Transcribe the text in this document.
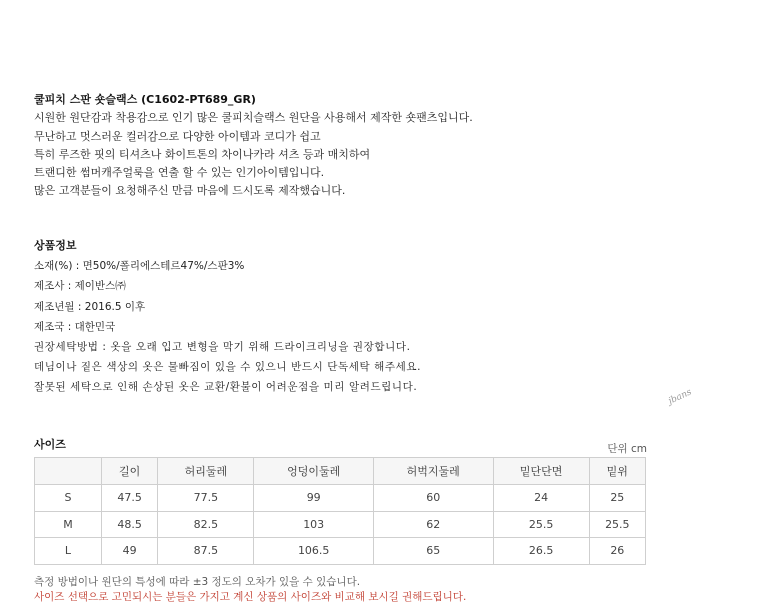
쿨피치 스판 숏슬랙스 (C1602-PT689_GR)
시원한 원단감과 착용감으로 인기 많은 쿨피치슬랙스 원단을 사용해서 제작한 숏팬츠입니다.
무난하고 멋스러운 컬러감으로 다양한 아이템과 코디가 쉽고
특히 루즈한 핏의 티셔츠나 화이트톤의 차이나카라 셔츠 등과 매치하여
트랜디한 썸머캐주얼룩을 연출 할 수 있는 인기아이템입니다.
많은 고객분들이 요청해주신 만큼 마음에 드시도록 제작했습니다.
상품정보
소재(%) : 면50%/폴리에스테르47%/스판3%
제조사 : 제이반스㈜
제조년월 : 2016.5 이후
제조국 : 대한민국
권장세탁방법 : 옷을 오래 입고 변형을 막기 위해 드라이크리닝을 권장합니다.
데님이나 짙은 색상의 옷은 물빠짐이 있을 수 있으니 반드시 단독세탁 해주세요.
잘못된 세탁으로 인해 손상된 옷은 교환/환불이 어려운점을 미리 알려드립니다.
jbans
사이즈	단위 cm
	길이	허리둘레	엉덩이둘레	허벅지둘레	밑단단면	밑위
S	47.5	77.5	99	60	24	25
M	48.5	82.5	103	62	25.5	25.5
L	49	87.5	106.5	65	26.5	26
측정 방법이나 원단의 특성에 따라 ±3 정도의 오차가 있을 수 있습니다.
사이즈 선택으로 고민되시는 분들은 가지고 계신 상품의 사이즈와 비교해 보시길 권해드립니다.
